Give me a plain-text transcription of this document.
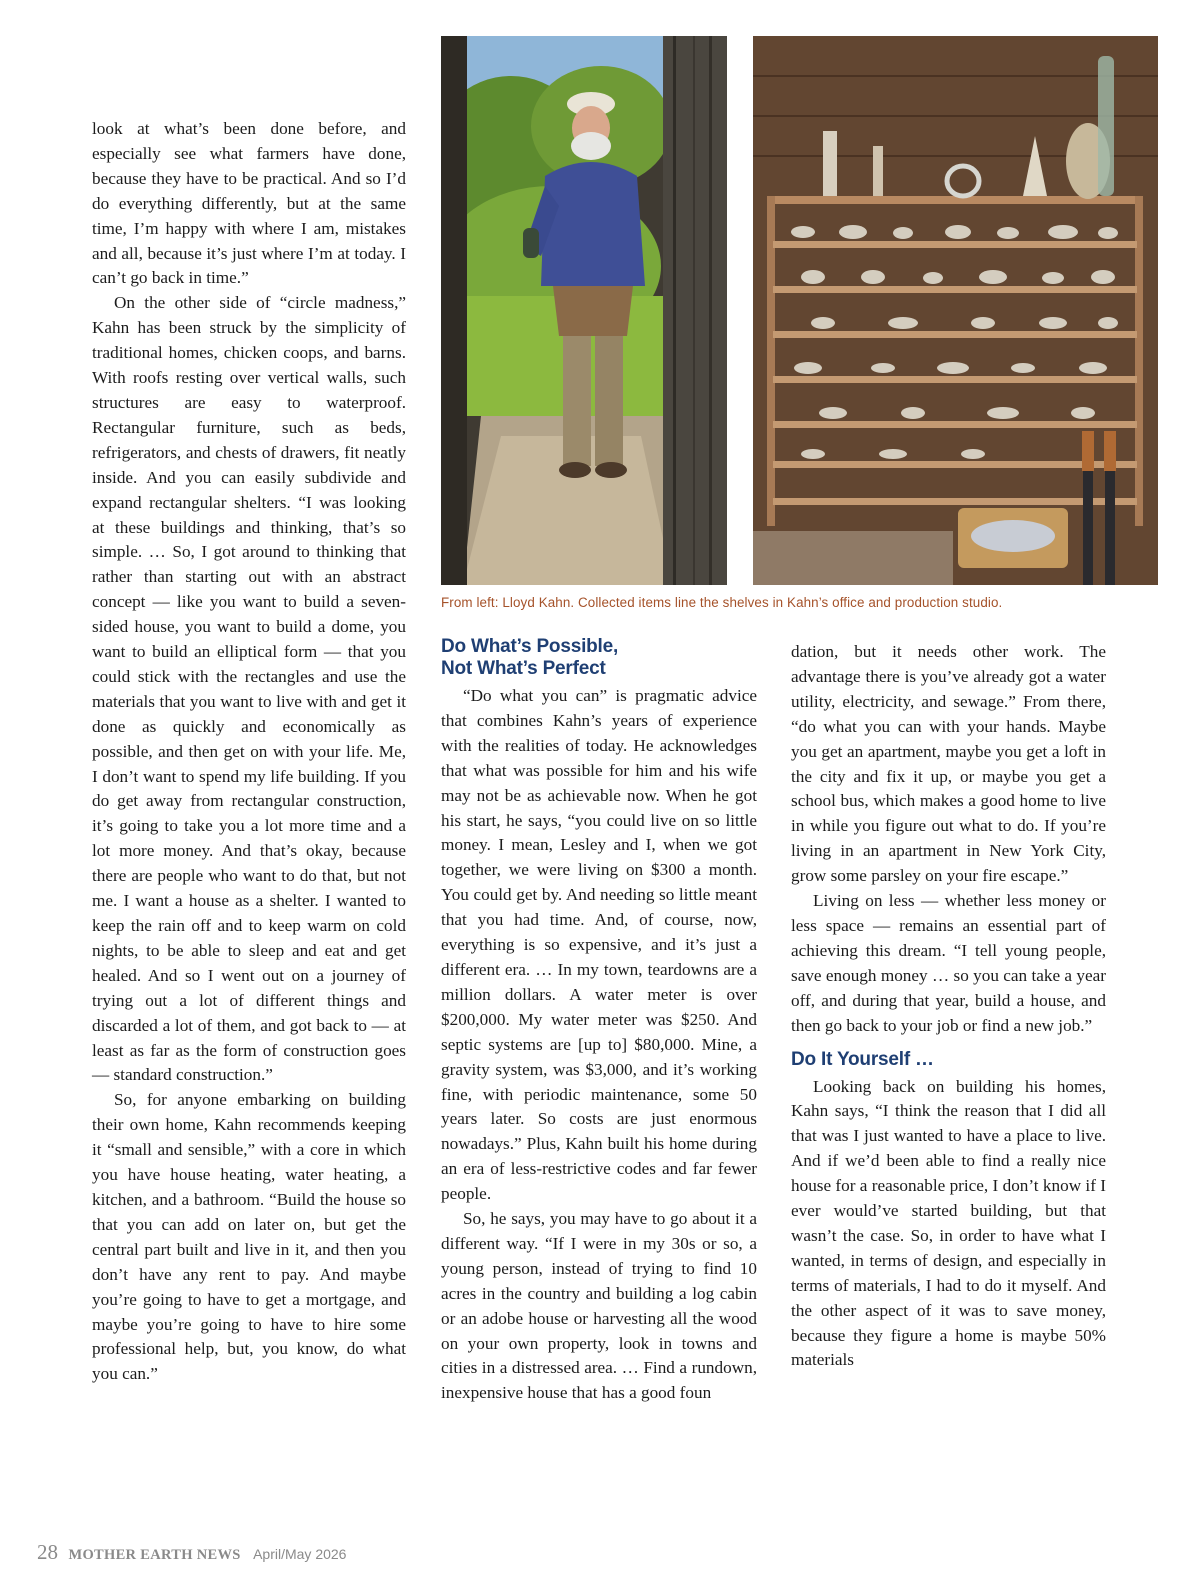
look at what’s been done before, and especially see what farmers have done, because they have to be practical. And so I’d do everything differently, but at the same time, I’m happy with where I am, mistakes and all, because it’s just where I’m at today. I can’t go back in time.”

On the other side of “circle madness,” Kahn has been struck by the simplicity of traditional homes, chicken coops, and barns. With roofs resting over vertical walls, such structures are easy to waterproof. Rectangular furniture, such as beds, refrigerators, and chests of drawers, fit neatly inside. And you can easily subdivide and expand rectangular shelters. “I was looking at these buildings and thinking, that’s so simple. … So, I got around to thinking that rather than starting out with an abstract concept — like you want to build a seven-sided house, you want to build a dome, you want to build an elliptical form — that you could stick with the rectangles and use the materials that you want to live with and get it done as quickly and economically as possible, and then get on with your life. Me, I don’t want to spend my life building. If you do get away from rectangular construction, it’s going to take you a lot more time and a lot more money. And that’s okay, because there are people who want to do that, but not me. I want a house as a shelter. I wanted to keep the rain off and to keep warm on cold nights, to be able to sleep and eat and get healed. And so I went out on a journey of trying out a lot of different things and discarded a lot of them, and got back to — at least as far as the form of construction goes — standard construction.”

So, for anyone embarking on building their own home, Kahn recommends keeping it “small and sensible,” with a core in which you have house heating, water heating, a kitchen, and a bathroom. “Build the house so that you can add on later on, but get the central part built and live in it, and then you don’t have any rent to pay. And maybe you’re going to have to get a mortgage, and maybe you’re going to have to hire some professional help, but, you know, do what you can.”

From left: Lloyd Kahn. Collected items line the shelves in Kahn’s office and production studio.
Do What’s Possible,
Not What’s Perfect

“Do what you can” is pragmatic advice that combines Kahn’s years of experience with the realities of today. He acknowledges that what was possible for him and his wife may not be as achievable now. When he got his start, he says, “you could live on so little money. I mean, Lesley and I, when we got together, we were living on $300 a month. You could get by. And needing so little meant that you had time. And, of course, now, everything is so expensive, and it’s just a different era. … In my town, teardowns are a million dollars. A water meter is over $200,000. My water meter was $250. And septic systems are [up to] $80,000. Mine, a gravity system, was $3,000, and it’s working fine, with periodic maintenance, some 50 years later. So costs are just enormous nowadays.” Plus, Kahn built his home during an era of less-restrictive codes and far fewer people.

So, he says, you may have to go about it a different way. “If I were in my 30s or so, a young person, instead of trying to find 10 acres in the country and building a log cabin or an adobe house or harvesting all the wood on your own property, look in towns and cities in a distressed area. … Find a rundown, inexpensive house that has a good foun

dation, but it needs other work. The advantage there is you’ve already got a water utility, electricity, and sewage.” From there, “do what you can with your hands. Maybe you get an apartment, maybe you get a loft in the city and fix it up, or maybe you get a school bus, which makes a good home to live in while you figure out what to do. If you’re living in an apartment in New York City, grow some parsley on your fire escape.”

Living on less — whether less money or less space — remains an essential part of achieving this dream. “I tell young people, save enough money … so you can take a year off, and during that year, build a house, and then go back to your job or find a new job.”

Do It Yourself …

Looking back on building his homes, Kahn says, “I think the reason that I did all that was I just wanted to have a place to live. And if we’d been able to find a really nice house for a reasonable price, I don’t know if I ever would’ve started building, but that wasn’t the case. So, in order to have what I wanted, in terms of design, and especially in terms of materials, I had to do it myself. And the other aspect of it was to save money, because they figure a home is maybe 50% materials

28 MOTHER EARTH NEWS April/May 2026
